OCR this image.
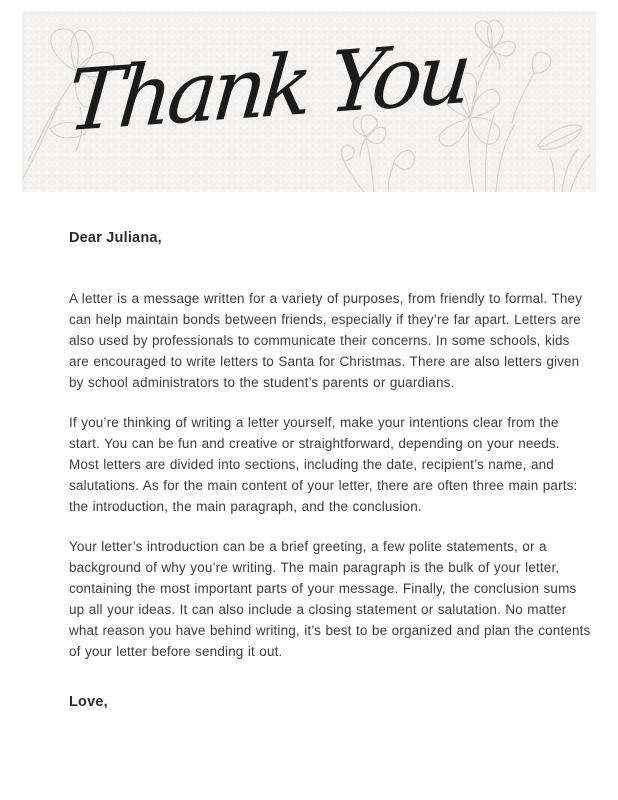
Thank You

Dear Juliana,

A letter is a message written for a variety of purposes, from friendly to formal. They can help maintain bonds between friends, especially if they’re far apart. Letters are also used by professionals to communicate their concerns. In some schools, kids are encouraged to write letters to Santa for Christmas. There are also letters given by school administrators to the student’s parents or guardians.

If you’re thinking of writing a letter yourself, make your intentions clear from the start. You can be fun and creative or straightforward, depending on your needs. Most letters are divided into sections, including the date, recipient’s name, and salutations. As for the main content of your letter, there are often three main parts: the introduction, the main paragraph, and the conclusion.

Your letter’s introduction can be a brief greeting, a few polite statements, or a background of why you’re writing. The main paragraph is the bulk of your letter, containing the most important parts of your message. Finally, the conclusion sums up all your ideas. It can also include a closing statement or salutation. No matter what reason you have behind writing, it’s best to be organized and plan the contents of your letter before sending it out.

Love,
